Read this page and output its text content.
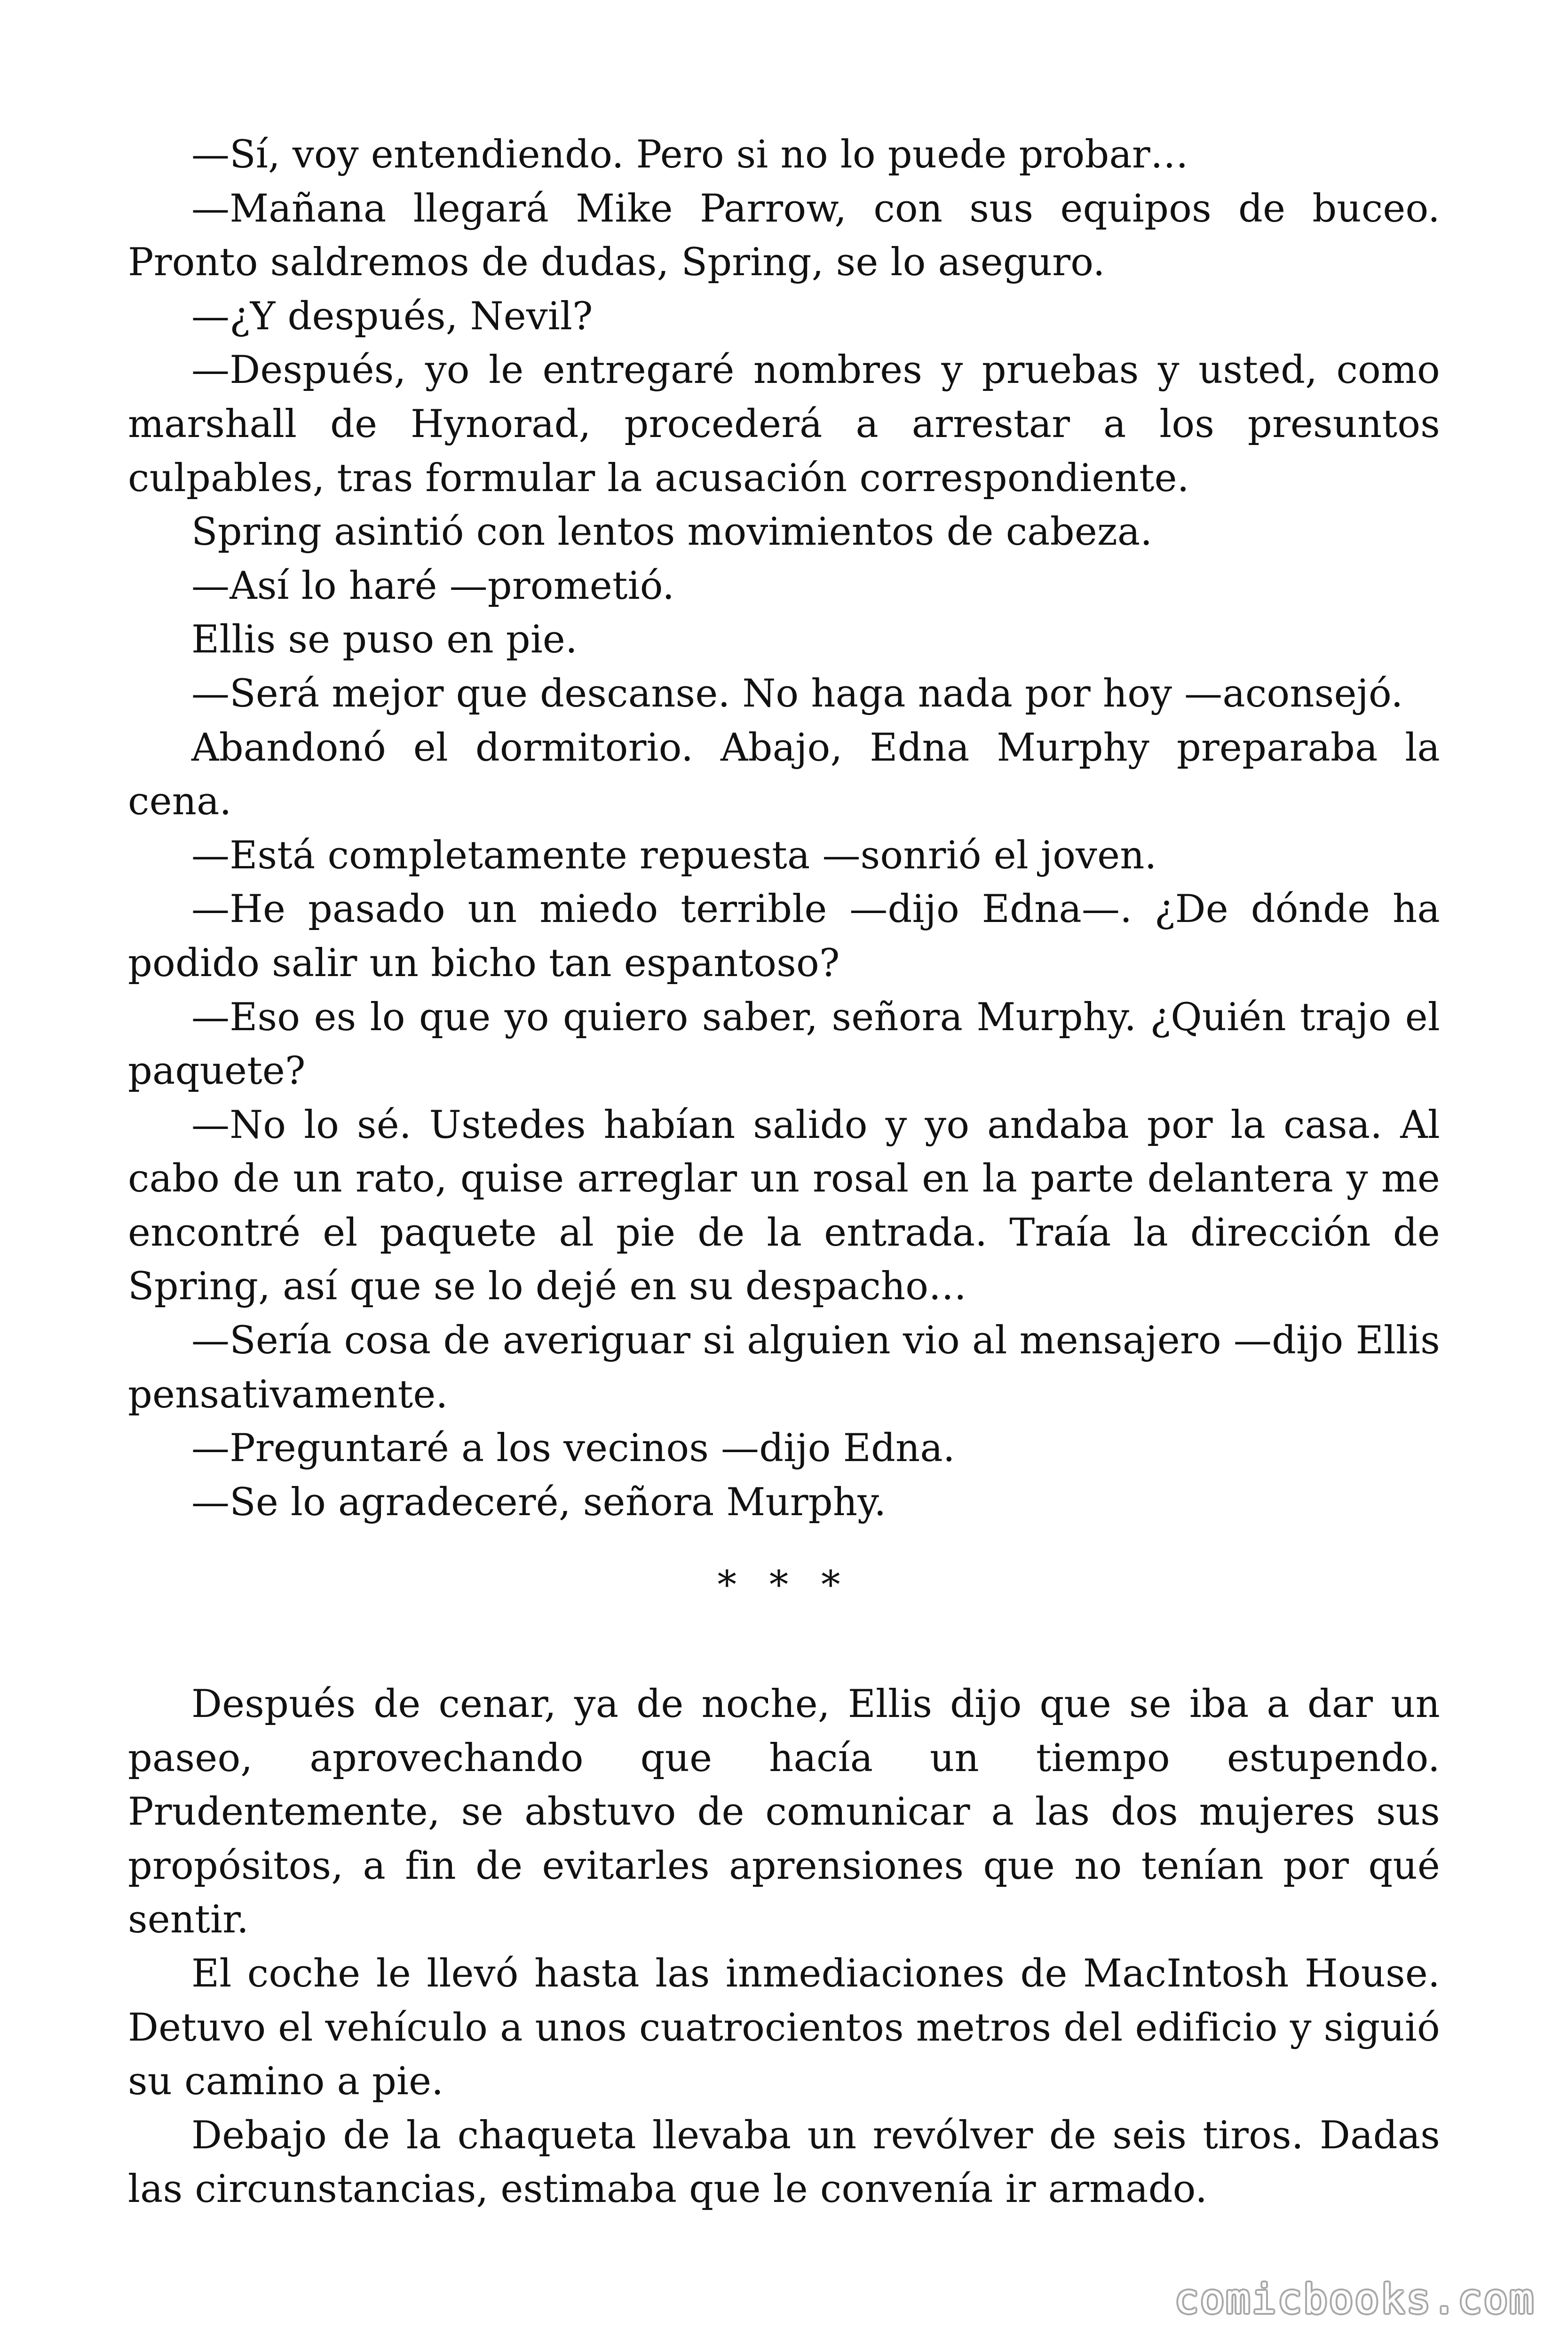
—Sí, voy entendiendo. Pero si no lo puede probar…

—Mañana llegará Mike Parrow, con sus equipos de buceo. Pronto saldremos de dudas, Spring, se lo aseguro.

—¿Y después, Nevil?

—Después, yo le entregaré nombres y pruebas y usted, como marshall de Hynorad, procederá a arrestar a los presuntos culpables, tras formular la acusación correspondiente.

Spring asintió con lentos movimientos de cabeza.

—Así lo haré —prometió.

Ellis se puso en pie.

—Será mejor que descanse. No haga nada por hoy —aconsejó.

Abandonó el dormitorio. Abajo, Edna Murphy preparaba la cena.

—Está completamente repuesta —sonrió el joven.

—He pasado un miedo terrible —dijo Edna—. ¿De dónde ha podido salir un bicho tan espantoso?

—Eso es lo que yo quiero saber, señora Murphy. ¿Quién trajo el paquete?

—No lo sé. Ustedes habían salido y yo andaba por la casa. Al cabo de un rato, quise arreglar un rosal en la parte delantera y me encontré el paquete al pie de la entrada. Traía la dirección de Spring, así que se lo dejé en su despacho…

—Sería cosa de averiguar si alguien vio al mensajero —dijo Ellis pensativamente.

—Preguntaré a los vecinos —dijo Edna.

—Se lo agradeceré, señora Murphy.

* * *

Después de cenar, ya de noche, Ellis dijo que se iba a dar un paseo, aprovechando que hacía un tiempo estupendo. Prudentemente, se abstuvo de comunicar a las dos mujeres sus propósitos, a fin de evitarles aprensiones que no tenían por qué sentir.

El coche le llevó hasta las inmediaciones de MacIntosh House. Detuvo el vehículo a unos cuatrocientos metros del edificio y siguió su camino a pie.

Debajo de la chaqueta llevaba un revólver de seis tiros. Dadas las circunstancias, estimaba que le convenía ir armado.

comicbooks.com
